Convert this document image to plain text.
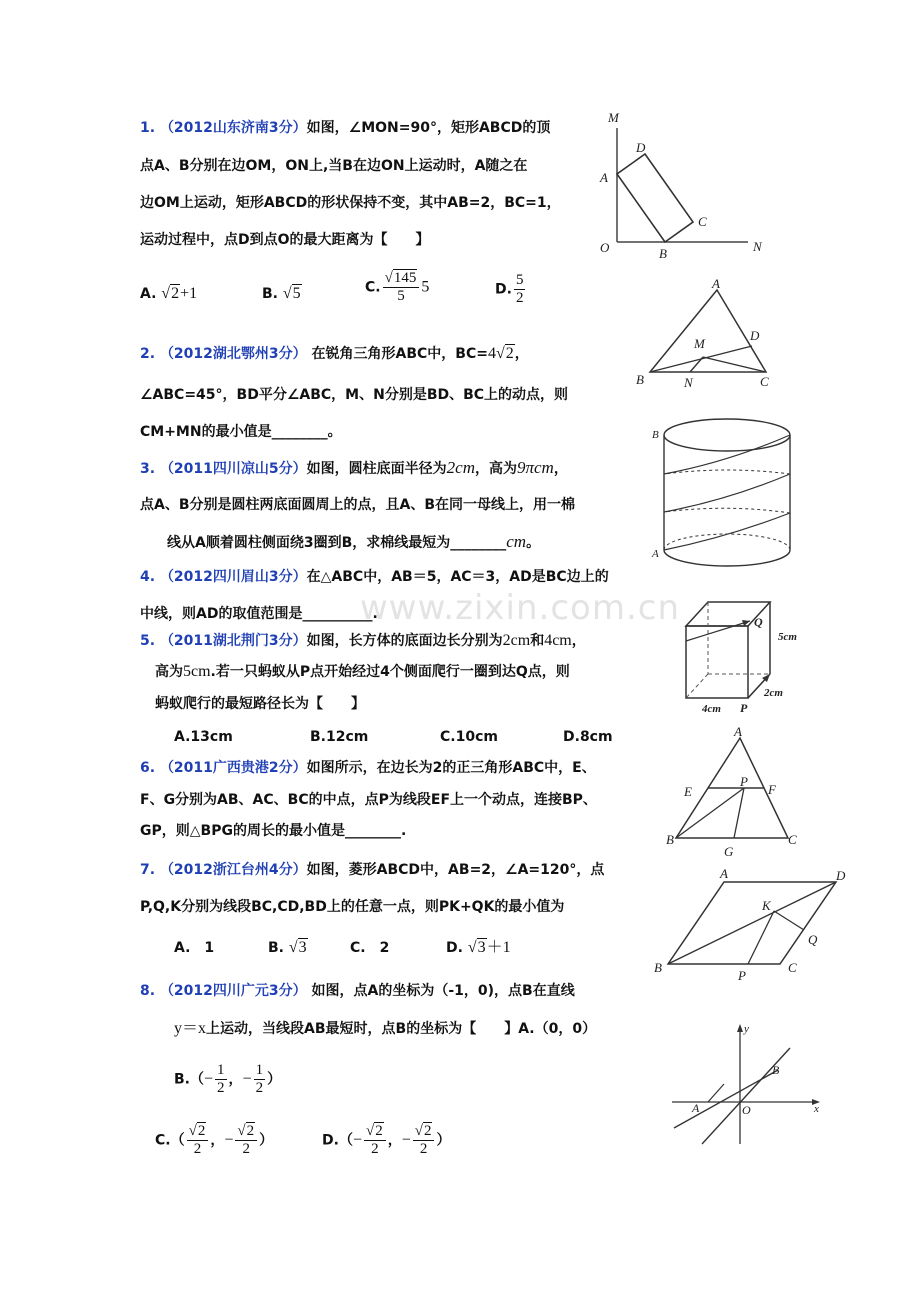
www.zixin.com.cn
1. （2012山东济南3分）如图，∠MON=90°，矩形ABCD的顶
点A、B分别在边OM，ON上,当B在边ON上运动时，A随之在
边OM上运动，矩形ABCD的形状保持不变，其中AB=2，BC=1，
运动过程中，点D到点O的最大距离为【　　】
A. √2+1	B. √5	C. $\frac{√145}{5} 5$	D. $\frac{5}{2}$
M
D
A
C
O	B	N
2. （2012湖北鄂州3分） 在锐角三角形ABC中，BC=4√2，
∠ABC=45°，BD平分∠ABC，M、N分别是BD、BC上的动点，则
CM+MN的最小值是________。
A
M
D
B	N	C
3. （2011四川凉山5分）如图，圆柱底面半径为2cm，高为9πcm，
点A、B分别是圆柱两底面圆周上的点，且A、B在同一母线上，用一棉
线从A顺着圆柱侧面绕3圈到B，求棉线最短为________cm。
B
A
4. （2012四川眉山3分）在△ABC中，AB＝5，AC＝3，AD是BC边上的
中线，则AD的取值范围是__________.
5. （2011湖北荆门3分）如图，长方体的底面边长分别为2cm和4cm，
高为5cm.若一只蚂蚁从P点开始经过4个侧面爬行一圈到达Q点，则
蚂蚁爬行的最短路径长为【　　】
A.13cm	B.12cm	C.10cm	D.8cm
Q
5cm
4cm P
2cm
6. （2011广西贵港2分）如图所示，在边长为2的正三角形ABC中，E、
F、G分别为AB、AC、BC的中点，点P为线段EF上一个动点，连接BP、
GP，则△BPG的周长的最小值是________.
A
E
P
F
B
G
C
7. （2012浙江台州4分）如图，菱形ABCD中，AB=2，∠A=120°，点
P,Q,K分别为线段BC,CD,BD上的任意一点，则PK+QK的最小值为
A.　1	B. √3	C.　2	D. √3＋1
A	D
K
Q
B
P
C
8. （2012四川广元3分） 如图，点A的坐标为（-1，0)，点B在直线
y＝x上运动，当线段AB最短时，点B的坐标为【　　】A.（0，0）
$B.(- \frac{1}{2}$ ，− $\frac{1}{2}$ ）
$C.( \frac{√2}{2}$ ，− $\frac{√2}{2}$ ）	$D.(- \frac{√2}{2}$ ，− $\frac{√2}{2}$ ）
y
B
A	O	x
